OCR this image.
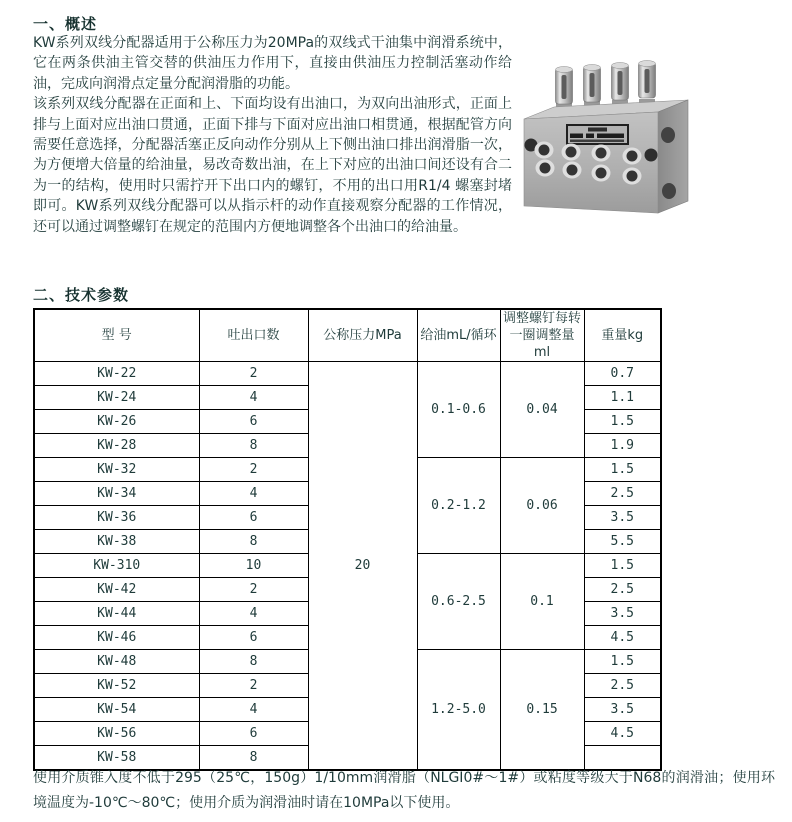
一、概述

KW系列双线分配器适用于公称压力为20MPa的双线式干油集中润滑系统中，它在两条供油主管交替的供油压力作用下，直接由供油压力控制活塞动作给油，完成向润滑点定量分配润滑脂的功能。

该系列双线分配器在正面和上、下面均设有出油口，为双向出油形式，正面上排与上面对应出油口贯通，正面下排与下面对应出油口相贯通，根据配管方向需要任意选择，分配器活塞正反向动作分别从上下侧出油口排出润滑脂一次，为方便增大倍量的给油量，易改奇数出油，在上下对应的出油口间还设有合二为一的结构，使用时只需拧开下出口内的螺钉，不用的出口用R1/4 螺塞封堵即可。KW系列双线分配器可以从指示杆的动作直接观察分配器的工作情况，还可以通过调整螺钉在规定的范围内方便地调整各个出油口的给油量。

二、技术参数
型 号	吐出口数	公称压力MPa	给油mL/循环	调整螺钉每转一圈调整量ml	重量kg
KW-22	2	20	0.1-0.6	0.04	0.7
KW-24	4				1.1
KW-26	6				1.5
KW-28	8				1.9
KW-32	2		0.2-1.2	0.06	1.5
KW-34	4				2.5
KW-36	6				3.5
KW-38	8				5.5
KW-310	10		0.6-2.5	0.1	1.5
KW-42	2				2.5
KW-44	4				3.5
KW-46	6				4.5
KW-48	8		1.2-5.0	0.15	1.5
KW-52	2				2.5
KW-54	4				3.5
KW-56	6				4.5
KW-58	8				

使用介质锥入度不低于295（25℃，150g）1/10mm润滑脂（NLGI0#～1#）或粘度等级大于N68的润滑油；使用环境温度为-10℃～80℃；使用介质为润滑油时请在10MPa以下使用。
